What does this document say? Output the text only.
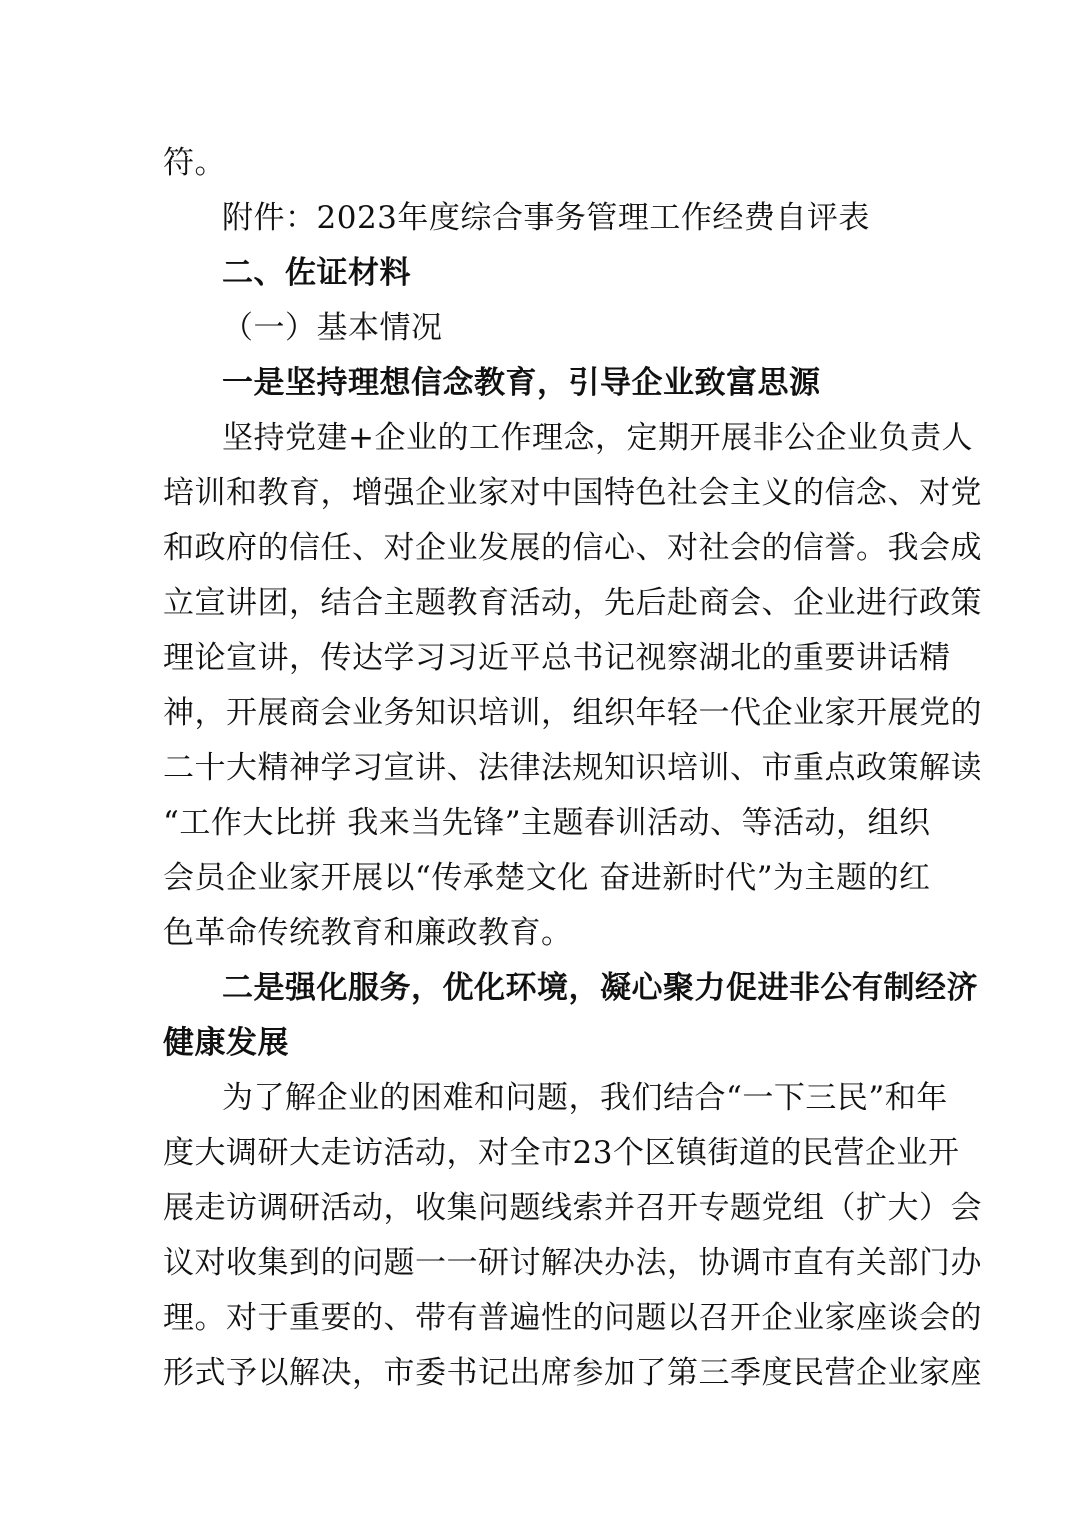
符。
附件：2023年度综合事务管理工作经费自评表
二、佐证材料
（一）基本情况
一是坚持理想信念教育，引导企业致富思源
坚持党建+企业的工作理念，定期开展非公企业负责人
培训和教育，增强企业家对中国特色社会主义的信念、对党
和政府的信任、对企业发展的信心、对社会的信誉。我会成
立宣讲团，结合主题教育活动，先后赴商会、企业进行政策
理论宣讲，传达学习习近平总书记视察湖北的重要讲话精
神，开展商会业务知识培训，组织年轻一代企业家开展党的
二十大精神学习宣讲、法律法规知识培训、市重点政策解读
“工作大比拼 我来当先锋”主题春训活动、等活动，组织
会员企业家开展以“传承楚文化 奋进新时代”为主题的红
色革命传统教育和廉政教育。
二是强化服务，优化环境，凝心聚力促进非公有制经济
健康发展
为了解企业的困难和问题，我们结合“一下三民”和年
度大调研大走访活动，对全市23个区镇街道的民营企业开
展走访调研活动，收集问题线索并召开专题党组（扩大）会
议对收集到的问题一一研讨解决办法，协调市直有关部门办
理。对于重要的、带有普遍性的问题以召开企业家座谈会的
形式予以解决，市委书记出席参加了第三季度民营企业家座
